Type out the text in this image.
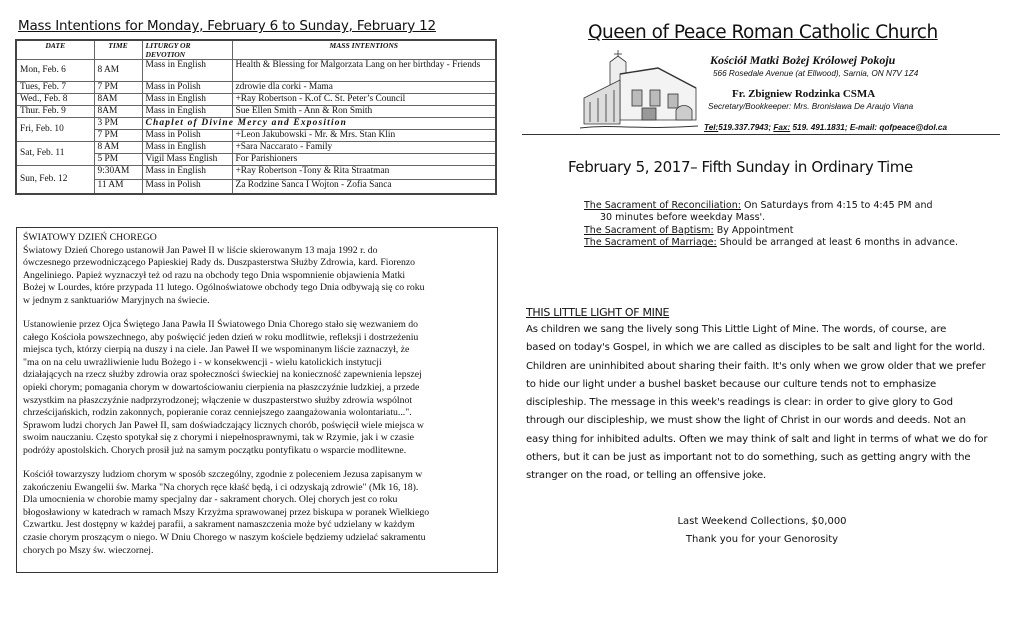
Mass Intentions for Monday, February 6 to Sunday, February 12
DATE	TIME	LITURGY OR DEVOTION	MASS INTENTIONS
Mon, Feb. 6	8 AM	Mass in English	Health & Blessing for Malgorzata Lang on her birthday - Friends
Tues, Feb. 7	7 PM	Mass in Polish	zdrowie dla corki - Mama
Wed., Feb. 8	8AM	Mass in English	+Ray Robertson - K.of C. St. Peter’s Council
Thur. Feb. 9	8AM	Mass in English	Sue Ellen Smith - Ann & Ron Smith
Fri, Feb. 10	3 PM	Chaplet of Divine Mercy and Exposition	
	7 PM	Mass in Polish	+Leon Jakubowski - Mr. & Mrs. Stan Klin
Sat, Feb. 11	8 AM	Mass in English	+Sara Naccarato - Family
	5 PM	Vigil Mass English	For Parishioners
Sun, Feb. 12	9:30AM	Mass in English	+Ray Robertson -Tony & Rita Straatman
	11 AM	Mass in Polish	Za Rodzine Sanca I Wojton - Zofia Sanca

ŚWIATOWY DZIEŃ CHOREGO

Światowy Dzień Chorego ustanowił Jan Paweł II w liście skierowanym 13 maja 1992 r. do
ówczesnego przewodniczącego Papieskiej Rady ds. Duszpasterstwa Służby Zdrowia, kard. Fiorenzo
Angeliniego. Papież wyznaczył też od razu na obchody tego Dnia wspomnienie objawienia Matki
Bożej w Lourdes, które przypada 11 lutego. Ogólnoświatowe obchody tego Dnia odbywają się co roku
w jednym z sanktuariów Maryjnych na świecie.

Ustanowienie przez Ojca Świętego Jana Pawła II Światowego Dnia Chorego stało się wezwaniem do
całego Kościoła powszechnego, aby poświęcić jeden dzień w roku modlitwie, refleksji i dostrzeżeniu
miejsca tych, którzy cierpią na duszy i na ciele. Jan Paweł II we wspominanym liście zaznaczył, że
"ma on na celu uwrażliwienie ludu Bożego i - w konsekwencji - wielu katolickich instytucji
działających na rzecz służby zdrowia oraz społeczności świeckiej na konieczność zapewnienia lepszej
opieki chorym; pomagania chorym w dowartościowaniu cierpienia na płaszczyźnie ludzkiej, a przede
wszystkim na płaszczyźnie nadprzyrodzonej; włączenie w duszpasterstwo służby zdrowia wspólnot
chrześcijańskich, rodzin zakonnych, popieranie coraz cenniejszego zaangażowania wolontariatu...".
Sprawom ludzi chorych Jan Paweł II, sam doświadczający licznych chorób, poświęcił wiele miejsca w
swoim nauczaniu. Często spotykał się z chorymi i niepełnosprawnymi, tak w Rzymie, jak i w czasie
podróży apostolskich. Chorych prosił już na samym początku pontyfikatu o wsparcie modlitewne.

Kościół towarzyszy ludziom chorym w sposób szczególny, zgodnie z poleceniem Jezusa zapisanym w
zakończeniu Ewangelii św. Marka "Na chorych ręce kłaść będą, i ci odzyskają zdrowie" (Mk 16, 18).
Dla umocnienia w chorobie mamy specjalny dar - sakrament chorych. Olej chorych jest co roku
błogosławiony w katedrach w ramach Mszy Krzyżma sprawowanej przez biskupa w poranek Wielkiego
Czwartku. Jest dostępny w każdej parafii, a sakrament namaszczenia może być udzielany w każdym
czasie chorym proszącym o niego. W Dniu Chorego w naszym kościele będziemy udzielać sakramentu
chorych po Mszy św. wieczornej.

Queen of Peace Roman Catholic Church
Kościół Matki Bożej Królowej Pokoju
566 Rosedale Avenue (at Ellwood), Sarnia, ON N7V 1Z4
Fr. Zbigniew Rodzinka CSMA
Secretary/Bookkeeper: Mrs. Bronisława De Araujo Viana
Tel:519.337.7943; Fax: 519. 491.1831; E-mail: qofpeace@dol.ca
February 5, 2017– Fifth Sunday in Ordinary Time
The Sacrament of Reconciliation: On Saturdays from 4:15 to 4:45 PM and
30 minutes before weekday Mass'.
The Sacrament of Baptism: By Appointment
The Sacrament of Marriage: Should be arranged at least 6 months in advance.
THIS LITTLE LIGHT OF MINE
As children we sang the lively song This Little Light of Mine. The words, of course, are
based on today's Gospel, in which we are called as disciples to be salt and light for the world.
Children are uninhibited about sharing their faith. It's only when we grow older that we prefer
to hide our light under a bushel basket because our culture tends not to emphasize
discipleship. The message in this week's readings is clear: in order to give glory to God
through our discipleship, we must show the light of Christ in our words and deeds. Not an
easy thing for inhibited adults. Often we may think of salt and light in terms of what we do for
others, but it can be just as important not to do something, such as getting angry with the
stranger on the road, or telling an offensive joke.
Last Weekend Collections, $0,000
Thank you for your Genorosity
